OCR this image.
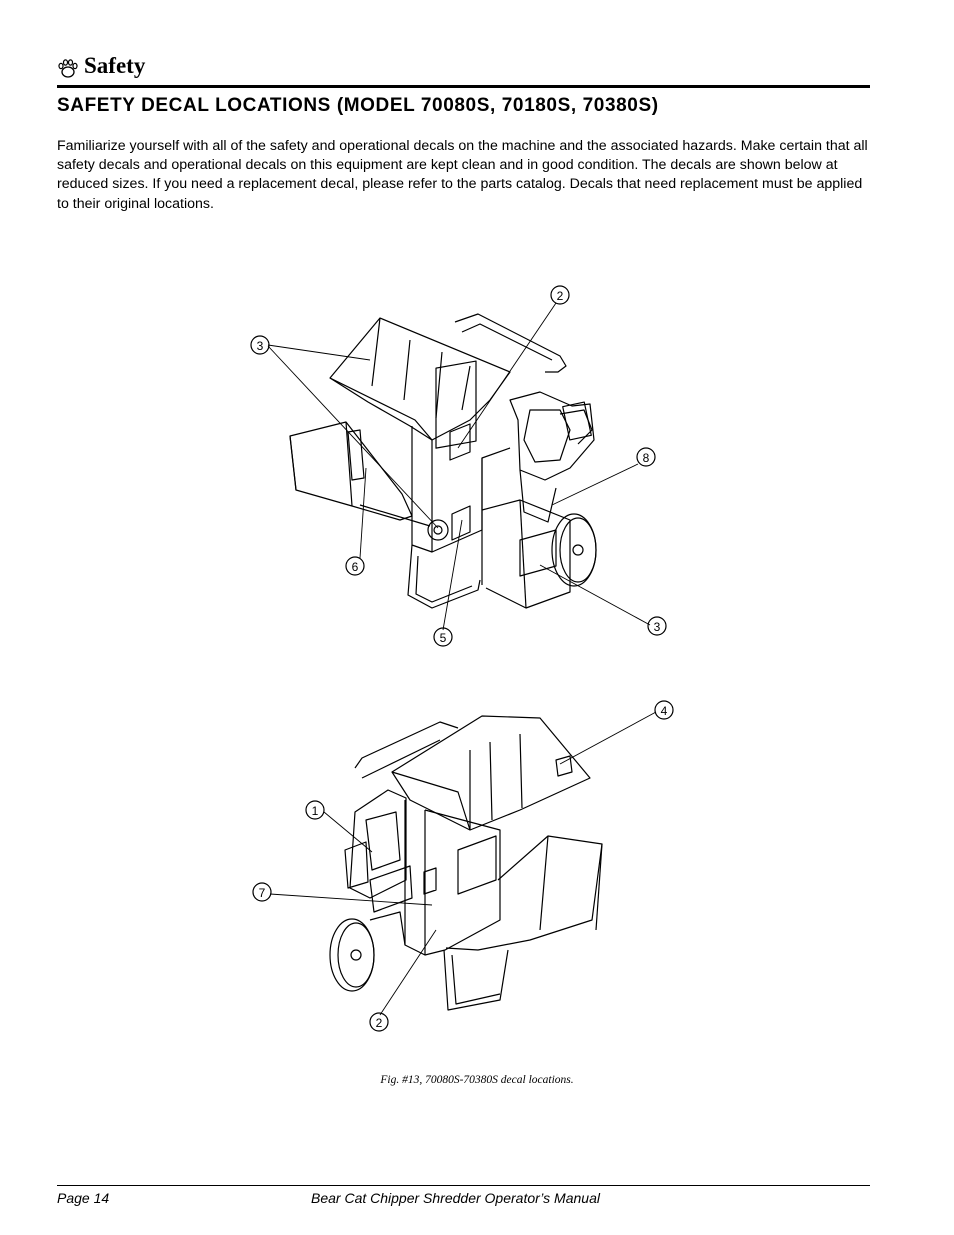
Safety
SAFETY DECAL LOCATIONS (MODEL 70080S, 70180S, 70380S)

Familiarize yourself with all of the safety and operational decals on the machine and the associated hazards. Make certain that all safety decals and operational decals on this equipment are kept clean and in good condition. The decals are shown below at reduced sizes. If you need a replacement decal, please refer to the parts catalog. Decals that need replacement must be applied to their original locations.

2
3
8
6
5
3
4
1
7
2
Fig. #13, 70080S-70380S decal locations.
Page 14	Bear Cat Chipper Shredder Operator’s Manual
